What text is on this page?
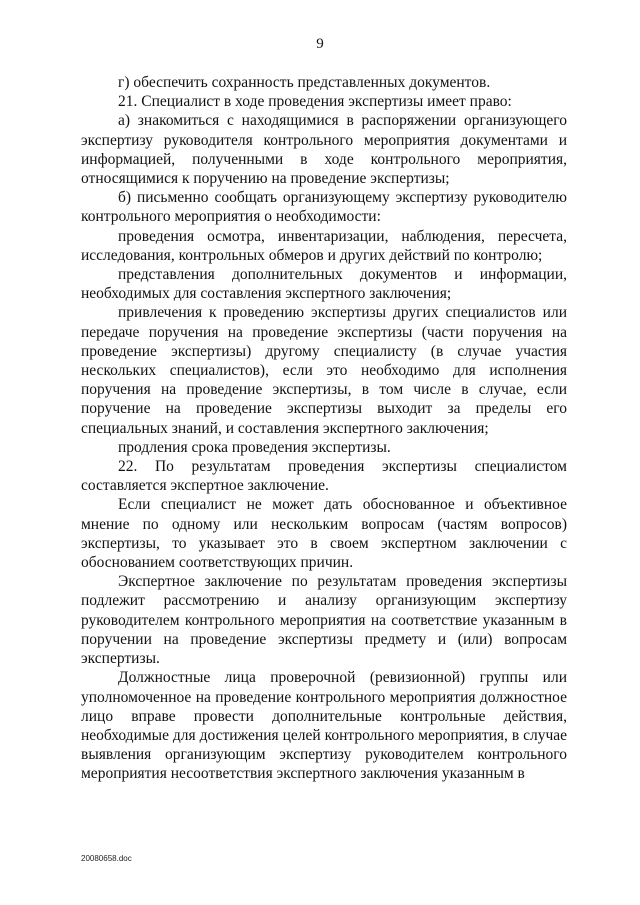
9

г) обеспечить сохранность представленных документов.

21. Специалист в ходе проведения экспертизы имеет право:

а) знакомиться с находящимися в распоряжении организующего экспертизу руководителя контрольного мероприятия документами и информацией, полученными в ходе контрольного мероприятия, относящимися к поручению на проведение экспертизы;

б) письменно сообщать организующему экспертизу руководителю контрольного мероприятия о необходимости:

проведения осмотра, инвентаризации, наблюдения, пересчета, исследования, контрольных обмеров и других действий по контролю;

представления дополнительных документов и информации, необходимых для составления экспертного заключения;

привлечения к проведению экспертизы других специалистов или передаче поручения на проведение экспертизы (части поручения на проведение экспертизы) другому специалисту (в случае участия нескольких специалистов), если это необходимо для исполнения поручения на проведение экспертизы, в том числе в случае, если поручение на проведение экспертизы выходит за пределы его специальных знаний, и составления экспертного заключения;

продления срока проведения экспертизы.

22. По результатам проведения экспертизы специалистом составляется экспертное заключение.

Если специалист не может дать обоснованное и объективное мнение по одному или нескольким вопросам (частям вопросов) экспертизы, то указывает это в своем экспертном заключении с обоснованием соответствующих причин.

Экспертное заключение по результатам проведения экспертизы подлежит рассмотрению и анализу организующим экспертизу руководителем контрольного мероприятия на соответствие указанным в поручении на проведение экспертизы предмету и (или) вопросам экспертизы.

Должностные лица проверочной (ревизионной) группы или уполномоченное на проведение контрольного мероприятия должностное лицо вправе провести дополнительные контрольные действия, необходимые для достижения целей контрольного мероприятия, в случае выявления организующим экспертизу руководителем контрольного мероприятия несоответствия экспертного заключения указанным в

20080658.doc
